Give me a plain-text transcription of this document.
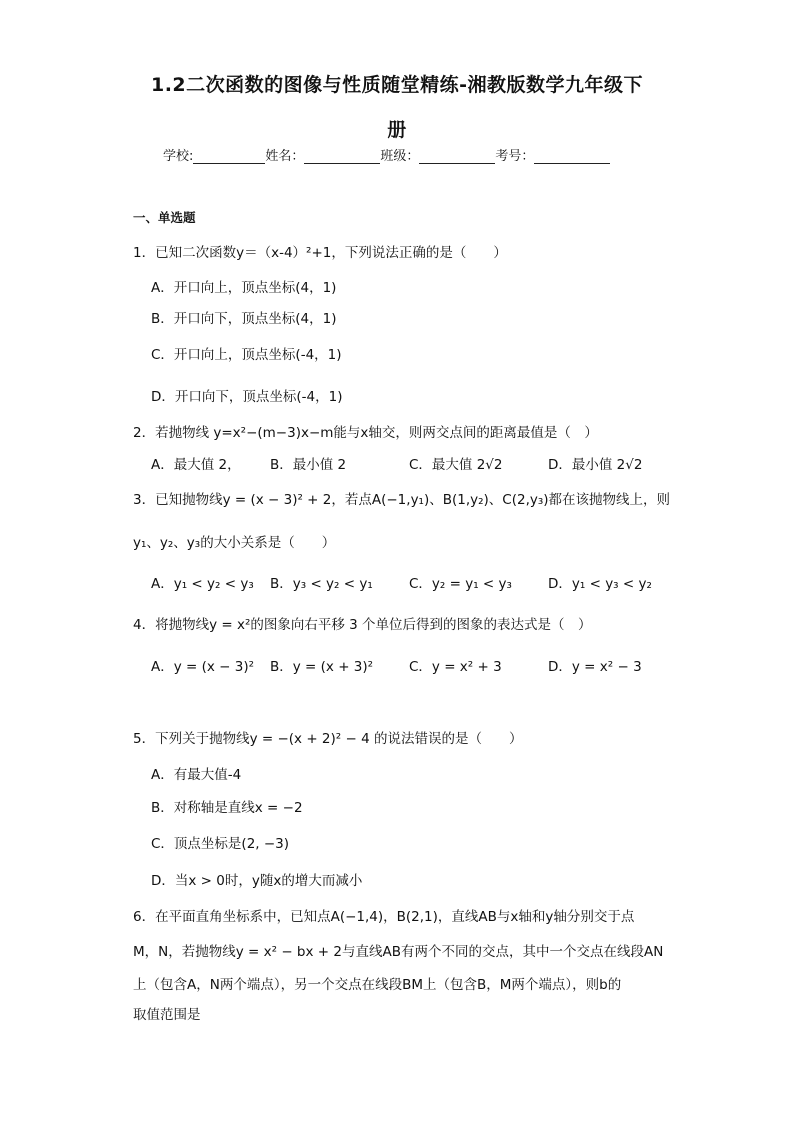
1.2二次函数的图像与性质随堂精练-湘教版数学九年级下
册
学校:	姓名：	班级：	考号：
一、单选题
1．已知二次函数y＝（x-4）²+1，下列说法正确的是（　　）
A．开口向上，顶点坐标(4，1)
B．开口向下，顶点坐标(4，1)
C．开口向上，顶点坐标(-4，1)
D．开口向下，顶点坐标(-4，1)
2．若抛物线 y=x²−(m−3)x−m能与x轴交，则两交点间的距离最值是（　）
A．最大值 2， B．最小值 2	C．最大值 2√2	D．最小值 2√2
3．已知抛物线y = (x − 3)² + 2，若点A(−1,y₁)、B(1,y₂)、C(2,y₃)都在该抛物线上，则
y₁、y₂、y₃的大小关系是（　　）
A．y₁ < y₂ < y₃ B．y₃ < y₂ < y₁	C．y₂ = y₁ < y₃	D．y₁ < y₃ < y₂
4．将抛物线y = x²的图象向右平移 3 个单位后得到的图象的表达式是（　）
A．y = (x − 3)² B．y = (x + 3)²	C．y = x² + 3	D．y = x² − 3
5．下列关于抛物线y = −(x + 2)² − 4 的说法错误的是（　　）
A．有最大值-4
B．对称轴是直线x = −2
C．顶点坐标是(2, −3)
D．当x > 0时，y随x的增大而减小
6．在平面直角坐标系中，已知点A(−1,4)，B(2,1)，直线AB与x轴和y轴分别交于点
M，N，若抛物线y = x² − bx + 2与直线AB有两个不同的交点，其中一个交点在线段AN
上（包含A，N两个端点），另一个交点在线段BM上（包含B，M两个端点），则b的
取值范围是
